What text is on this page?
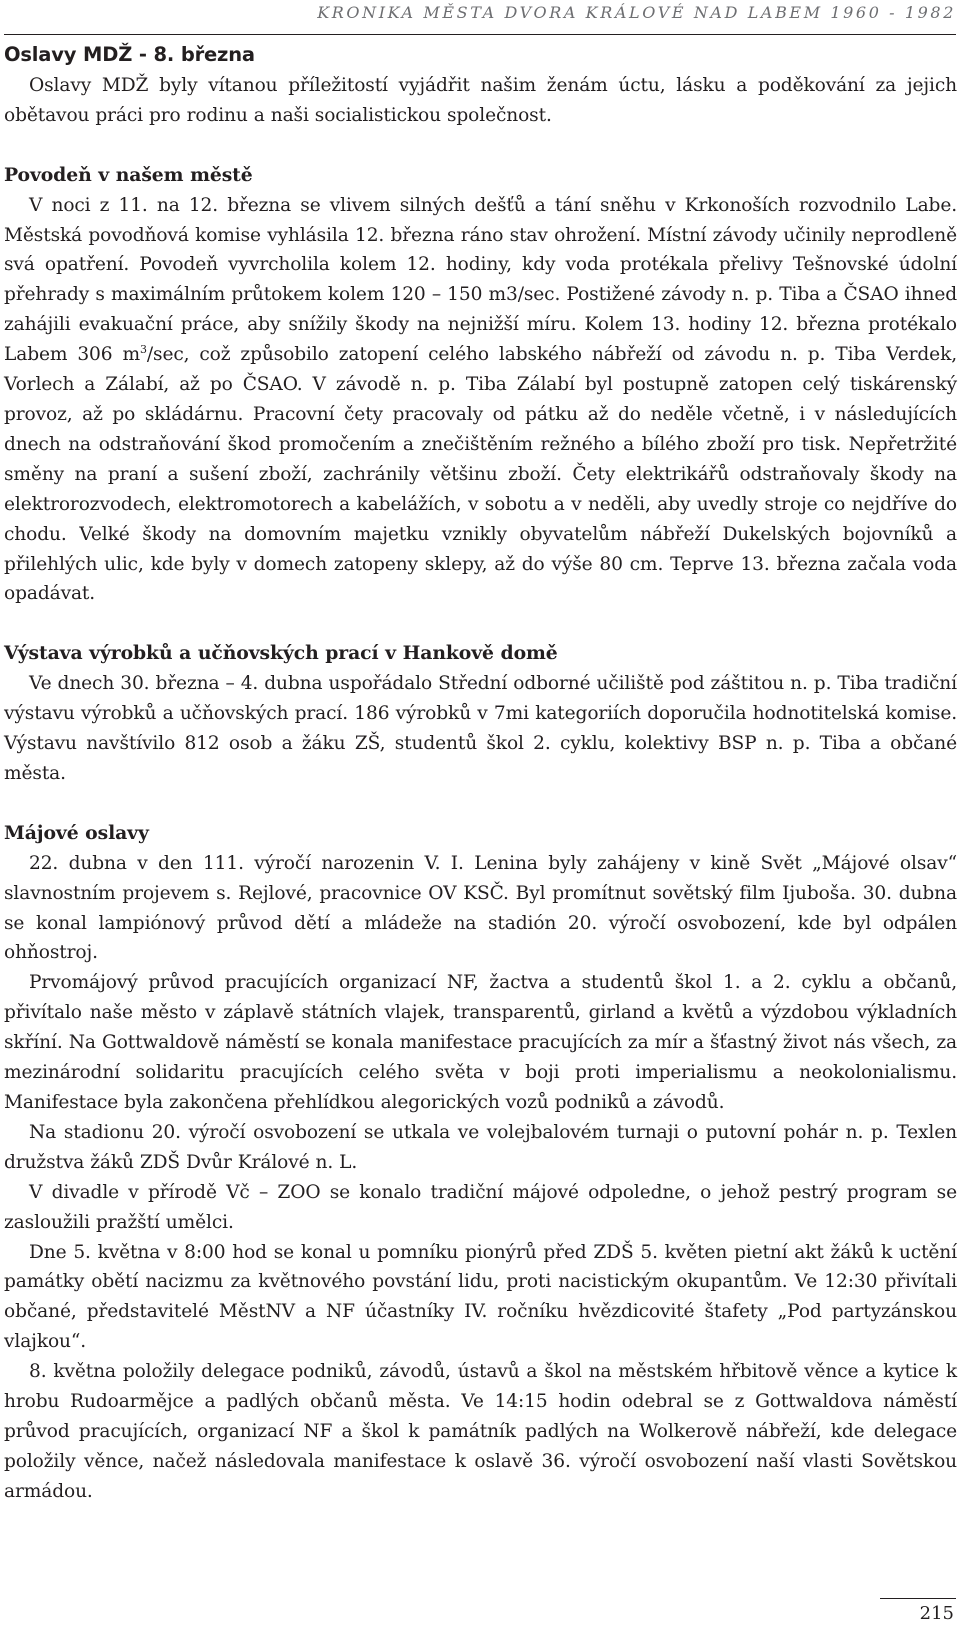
KRONIKA MĚSTA DVORA KRÁLOVÉ NAD LABEM 1960 - 1982
Oslavy MDŽ - 8. března

Oslavy MDŽ byly vítanou příležitostí vyjádřit našim ženám úctu, lásku a poděkování za jejich obětavou práci pro rodinu a naši socialistickou společnost.

Povodeň v našem městě

V noci z 11. na 12. března se vlivem silných dešťů a tání sněhu v Krkonoších rozvodnilo Labe. Městská povodňová komise vyhlásila 12. března ráno stav ohrožení. Místní závody učinily neprodleně svá opatření. Povodeň vyvrcholila kolem 12. hodiny, kdy voda protékala přelivy Tešnovské údolní přehrady s maximálním průtokem kolem 120 – 150 m3/sec. Postižené závody n. p. Tiba a ČSAO ihned zahájili evakuační práce, aby snížily škody na nejnižší míru. Kolem 13. hodiny 12. března protékalo Labem 306 $m^3/\sec$, což způsobilo zatopení celého labského nábřeží od závodu n. p. Tiba Verdek, Vorlech a Zálabí, až po ČSAO. V závodě n. p. Tiba Zálabí byl postupně zatopen celý tiskárenský provoz, až po skládárnu. Pracovní čety pracovaly od pátku až do neděle včetně, i v následujících dnech na odstraňování škod promočením a znečištěním režného a bílého zboží pro tisk. Nepřetržité směny na praní a sušení zboží, zachránily většinu zboží. Čety elektrikářů odstraňovaly škody na elektrorozvodech, elektromotorech a kabelážích, v sobotu a v neděli, aby uvedly stroje co nejdříve do chodu. Velké škody na domovním majetku vznikly obyvatelům nábřeží Dukelských bojovníků a přilehlých ulic, kde byly v domech zatopeny sklepy, až do výše 80 cm. Teprve 13. března začala voda opadávat.

Výstava výrobků a učňovských prací v Hankově domě

Ve dnech 30. března – 4. dubna uspořádalo Střední odborné učiliště pod záštitou n. p. Tiba tradiční výstavu výrobků a učňovských prací. 186 výrobků v 7mi kategoriích doporučila hodnotitelská komise. Výstavu navštívilo 812 osob a žáku ZŠ, studentů škol 2. cyklu, kolektivy BSP n. p. Tiba a občané města.

Májové oslavy

22. dubna v den 111. výročí narozenin V. I. Lenina byly zahájeny v kině Svět „Májové olsav“ slavnostním projevem s. Rejlové, pracovnice OV KSČ. Byl promítnut sovětský film Ijuboša. 30. dubna se konal lampiónový průvod dětí a mládeže na stadión 20. výročí osvobození, kde byl odpálen ohňostroj.

Prvomájový průvod pracujících organizací NF, žactva a studentů škol 1. a 2. cyklu a občanů, přivítalo naše město v záplavě státních vlajek, transparentů, girland a květů a výzdobou výkladních skříní. Na Gottwaldově náměstí se konala manifestace pracujících za mír a šťastný život nás všech, za mezinárodní solidaritu pracujících celého světa v boji proti imperialismu a neokolonialismu. Manifestace byla zakončena přehlídkou alegorických vozů podniků a závodů.

Na stadionu 20. výročí osvobození se utkala ve volejbalovém turnaji o putovní pohár n. p. Texlen družstva žáků ZDŠ Dvůr Králové n. L.

V divadle v přírodě Vč – ZOO se konalo tradiční májové odpoledne, o jehož pestrý program se zasloužili pražští umělci.

Dne 5. května v 8:00 hod se konal u pomníku pionýrů před ZDŠ 5. květen pietní akt žáků k uctění památky obětí nacizmu za květnového povstání lidu, proti nacistickým okupantům. Ve 12:30 přivítali občané, představitelé MěstNV a NF účastníky IV. ročníku hvězdicovité štafety „Pod partyzánskou vlajkou“.

8. května položily delegace podniků, závodů, ústavů a škol na městském hřbitově věnce a kytice k hrobu Rudoarmějce a padlých občanů města. Ve 14:15 hodin odebral se z Gottwaldova náměstí průvod pracujících, organizací NF a škol k památník padlých na Wolkerově nábřeží, kde delegace položily věnce, načež následovala manifestace k oslavě 36. výročí osvobození naší vlasti Sovětskou armádou.

215
